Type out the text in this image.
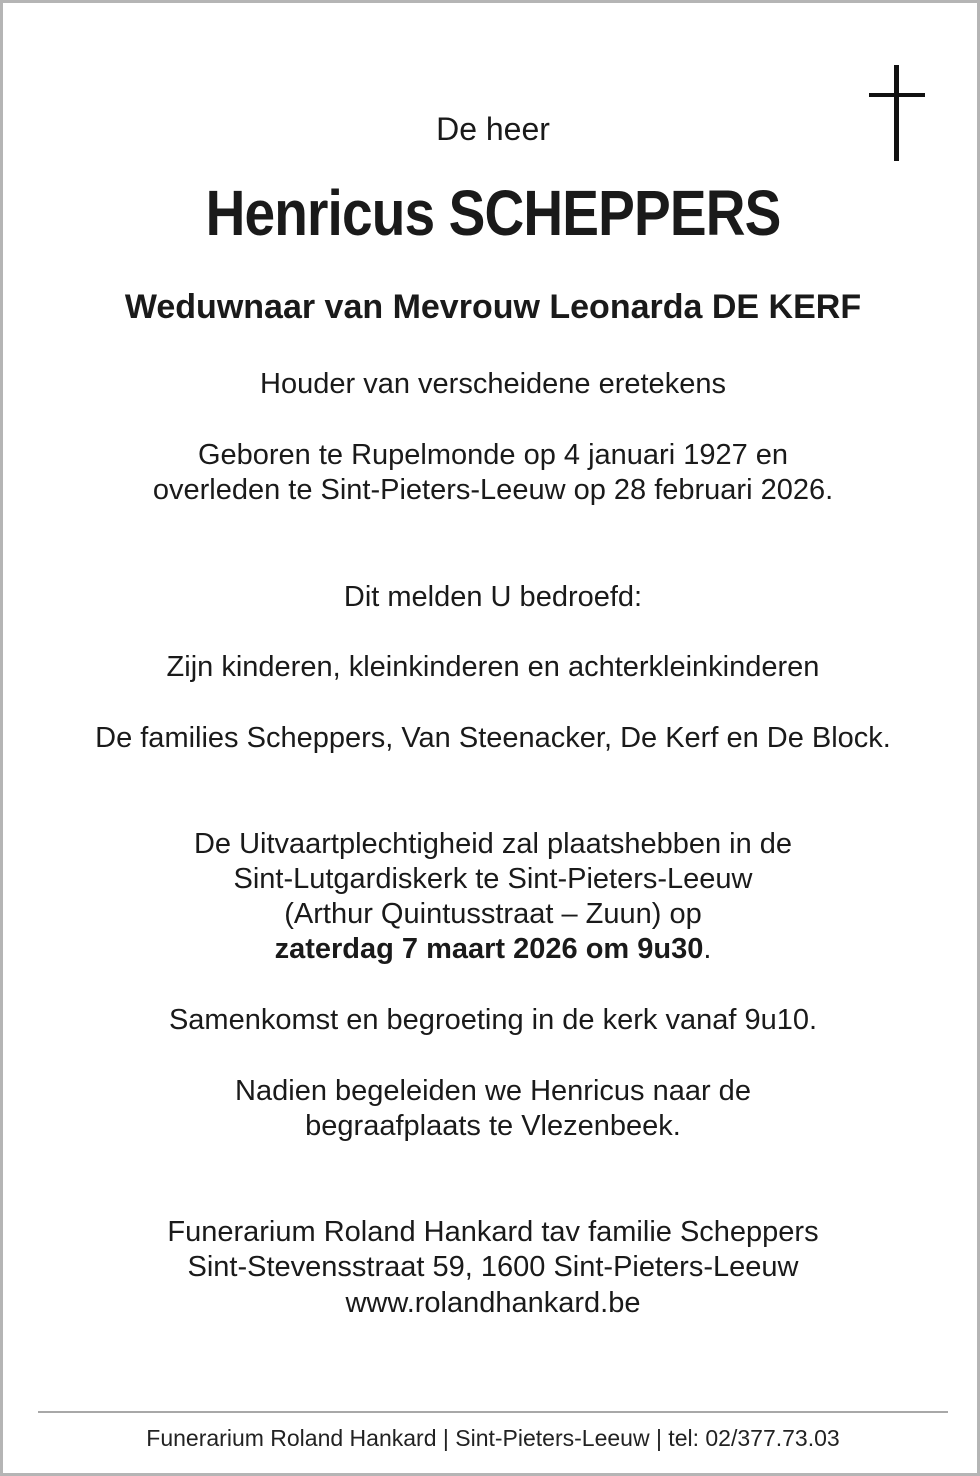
De heer
Henricus SCHEPPERS
Weduwnaar van Mevrouw Leonarda DE KERF
Houder van verscheidene eretekens
Geboren te Rupelmonde op 4 januari 1927 en
overleden te Sint-Pieters-Leeuw op 28 februari 2026.
Dit melden U bedroefd:
Zijn kinderen, kleinkinderen en achterkleinkinderen
De families Scheppers, Van Steenacker, De Kerf en De Block.
De Uitvaartplechtigheid zal plaatshebben in de
Sint-Lutgardiskerk te Sint-Pieters-Leeuw
(Arthur Quintusstraat – Zuun) op
zaterdag 7 maart 2026 om 9u30.
Samenkomst en begroeting in de kerk vanaf 9u10.
Nadien begeleiden we Henricus naar de
begraafplaats te Vlezenbeek.
Funerarium Roland Hankard tav familie Scheppers
Sint-Stevensstraat 59, 1600 Sint-Pieters-Leeuw
www.rolandhankard.be
Funerarium Roland Hankard | Sint-Pieters-Leeuw | tel: 02/377.73.03
